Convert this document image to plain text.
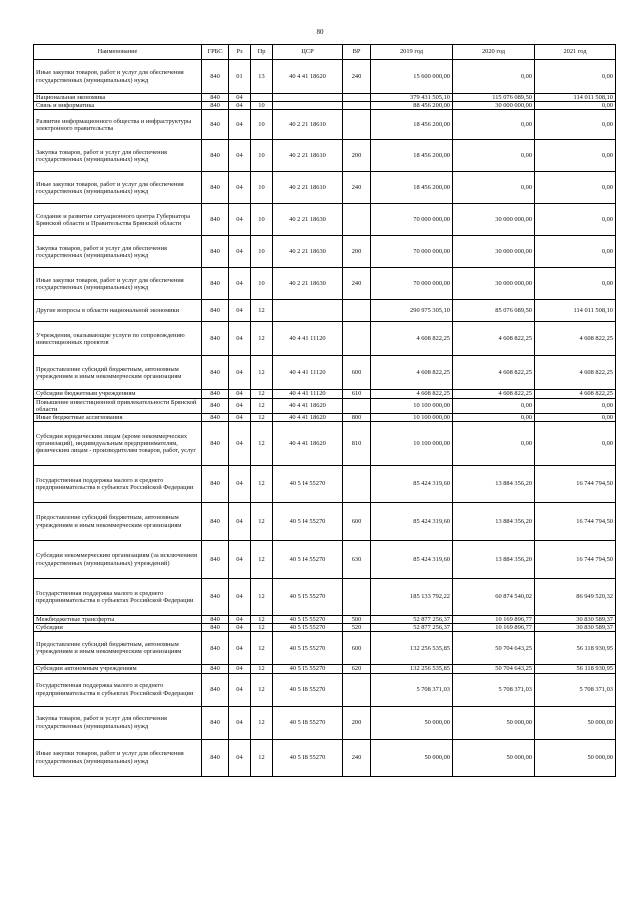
80
Наименование	ГРБС	Рз	Пр	ЦСР	ВР	2019 год	2020 год	2021 год
Иные закупки товаров, работ и услуг для обеспечения государственных (муниципальных) нужд	840	01	13	40 4 41 18620	240	15 600 000,00	0,00	0,00
Национальная экономика	840	04				379 431 505,10	115 076 089,50	114 011 508,10
Связь и информатика	840	04	10			88 456 200,00	30 000 000,00	0,00
Развитие информационного общества и инфраструктуры электронного правительства	840	04	10	40 2 21 18610		18 456 200,00	0,00	0,00
Закупка товаров, работ и услуг для обеспечения государственных (муниципальных) нужд	840	04	10	40 2 21 18610	200	18 456 200,00	0,00	0,00
Иные закупки товаров, работ и услуг для обеспечения государственных (муниципальных) нужд	840	04	10	40 2 21 18610	240	18 456 200,00	0,00	0,00
Создание и развитие ситуационного центра Губернатора Брянской области и Правительства Брянской области	840	04	10	40 2 21 18630		70 000 000,00	30 000 000,00	0,00
Закупка товаров, работ и услуг для обеспечения государственных (муниципальных) нужд	840	04	10	40 2 21 18630	200	70 000 000,00	30 000 000,00	0,00
Иные закупки товаров, работ и услуг для обеспечения государственных (муниципальных) нужд	840	04	10	40 2 21 18630	240	70 000 000,00	30 000 000,00	0,00
Другие вопросы в области национальной экономики	840	04	12			290 975 305,10	85 076 089,50	114 011 508,10
Учреждения, оказывающие услуги по сопровождению инвестиционных проектов	840	04	12	40 4 41 11120		4 608 822,25	4 608 822,25	4 608 822,25
Предоставление субсидий бюджетным, автономным учреждениям и иным некоммерческим организациям	840	04	12	40 4 41 11120	600	4 608 822,25	4 608 822,25	4 608 822,25
Субсидии бюджетным учреждениям	840	04	12	40 4 41 11120	610	4 608 822,25	4 608 822,25	4 608 822,25
Повышение инвестиционной привлекательности Брянской области	840	04	12	40 4 41 18620		10 100 000,00	0,00	0,00
Иные бюджетные ассигнования	840	04	12	40 4 41 18620	800	10 100 000,00	0,00	0,00
Субсидии юридическим лицам (кроме некоммерческих организаций), индивидуальным предпринимателям, физическим лицам - производителям товаров, работ, услуг	840	04	12	40 4 41 18620	810	10 100 000,00	0,00	0,00
Государственная поддержка малого и среднего предпринимательства в субъектах Российской Федерации	840	04	12	40 5 I4 55270		85 424 319,60	13 884 356,20	16 744 794,50
Предоставление субсидий бюджетным, автономным учреждениям и иным некоммерческим организациям	840	04	12	40 5 I4 55270	600	85 424 319,60	13 884 356,20	16 744 794,50
Субсидии некоммерческим организациям (за исключением государственных (муниципальных) учреждений)	840	04	12	40 5 I4 55270	630	85 424 319,60	13 884 356,20	16 744 794,50
Государственная поддержка малого и среднего предпринимательства в субъектах Российской Федерации	840	04	12	40 5 I5 55270		185 133 792,22	60 874 540,02	86 949 520,32
Межбюджетные трансферты	840	04	12	40 5 I5 55270	500	52 877 256,37	10 169 896,77	30 830 589,37
Субсидии	840	04	12	40 5 I5 55270	520	52 877 256,37	10 169 896,77	30 830 589,37
Предоставление субсидий бюджетным, автономным учреждениям и иным некоммерческим организациям	840	04	12	40 5 I5 55270	600	132 256 535,85	50 704 643,25	56 118 930,95
Субсидии автономным учреждениям	840	04	12	40 5 I5 55270	620	132 256 535,85	50 704 643,25	56 118 930,95
Государственная поддержка малого и среднего предпринимательства в субъектах Российской Федерации	840	04	12	40 5 I8 55270		5 708 371,03	5 708 371,03	5 708 371,03
Закупка товаров, работ и услуг для обеспечения государственных (муниципальных) нужд	840	04	12	40 5 I8 55270	200	50 000,00	50 000,00	50 000,00
Иные закупки товаров, работ и услуг для обеспечения государственных (муниципальных) нужд	840	04	12	40 5 I8 55270	240	50 000,00	50 000,00	50 000,00
